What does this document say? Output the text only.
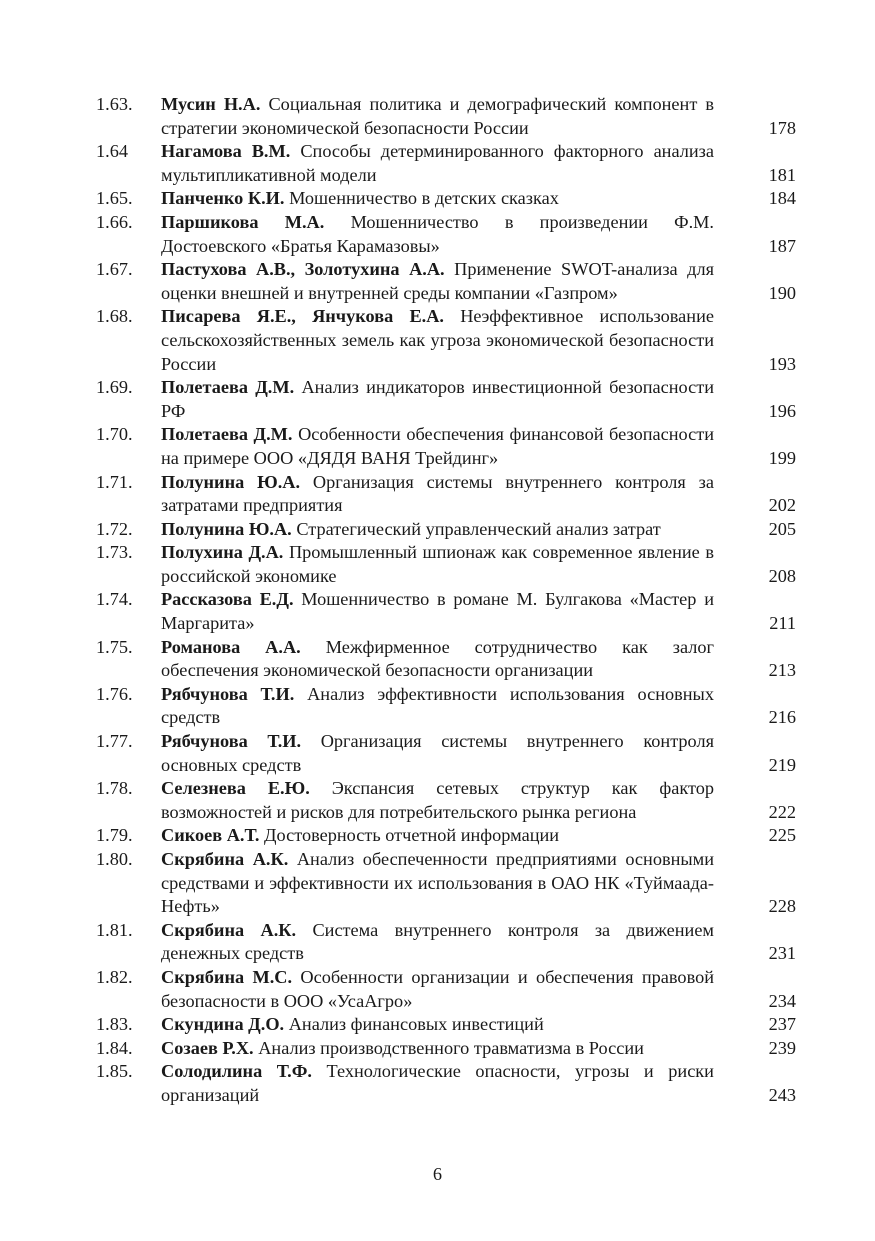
1.63.	Мусин Н.А. Социальная политика и демографический компонент в стратегии экономической безопасности России	178
1.64	Нагамова В.М. Способы детерминированного факторного анализа мультипликативной модели	181
1.65.	Панченко К.И. Мошенничество в детских сказках	184
1.66.	Паршикова М.А. Мошенничество в произведении Ф.М. Достоевского «Братья Карамазовы»	187
1.67.	Пастухова А.В., Золотухина А.А. Применение SWOT-анализа для оценки внешней и внутренней среды компании «Газпром»	190
1.68.	Писарева Я.Е., Янчукова Е.А. Неэффективное использование сельскохозяйственных земель как угроза экономической безопасности России	193
1.69.	Полетаева Д.М. Анализ индикаторов инвестиционной безопасности РФ	196
1.70.	Полетаева Д.М. Особенности обеспечения финансовой безопасности на примере ООО «ДЯДЯ ВАНЯ Трейдинг»	199
1.71.	Полунина Ю.А. Организация системы внутреннего контроля за затратами предприятия	202
1.72.	Полунина Ю.А. Стратегический управленческий анализ затрат	205
1.73.	Полухина Д.А. Промышленный шпионаж как современное явление в российской экономике	208
1.74.	Рассказова Е.Д. Мошенничество в романе М. Булгакова «Мастер и Маргарита»	211
1.75.	Романова А.А. Межфирменное сотрудничество как залог обеспечения экономической безопасности организации	213
1.76.	Рябчунова Т.И. Анализ эффективности использования основных средств	216
1.77.	Рябчунова Т.И. Организация системы внутреннего контроля основных средств	219
1.78.	Селезнева Е.Ю. Экспансия сетевых структур как фактор возможностей и рисков для потребительского рынка региона	222
1.79.	Сикоев А.Т. Достоверность отчетной информации	225
1.80.	Скрябина А.К. Анализ обеспеченности предприятиями основными средствами и эффективности их использования в ОАО НК «Туймаада-Нефть»	228
1.81.	Скрябина А.К. Система внутреннего контроля за движением денежных средств	231
1.82.	Скрябина М.С. Особенности организации и обеспечения правовой безопасности в ООО «УсаАгро»	234
1.83.	Скундина Д.О. Анализ финансовых инвестиций	237
1.84.	Созаев Р.Х. Анализ производственного травматизма в России	239
1.85.	Солодилина Т.Ф. Технологические опасности, угрозы и риски организаций	243
6
